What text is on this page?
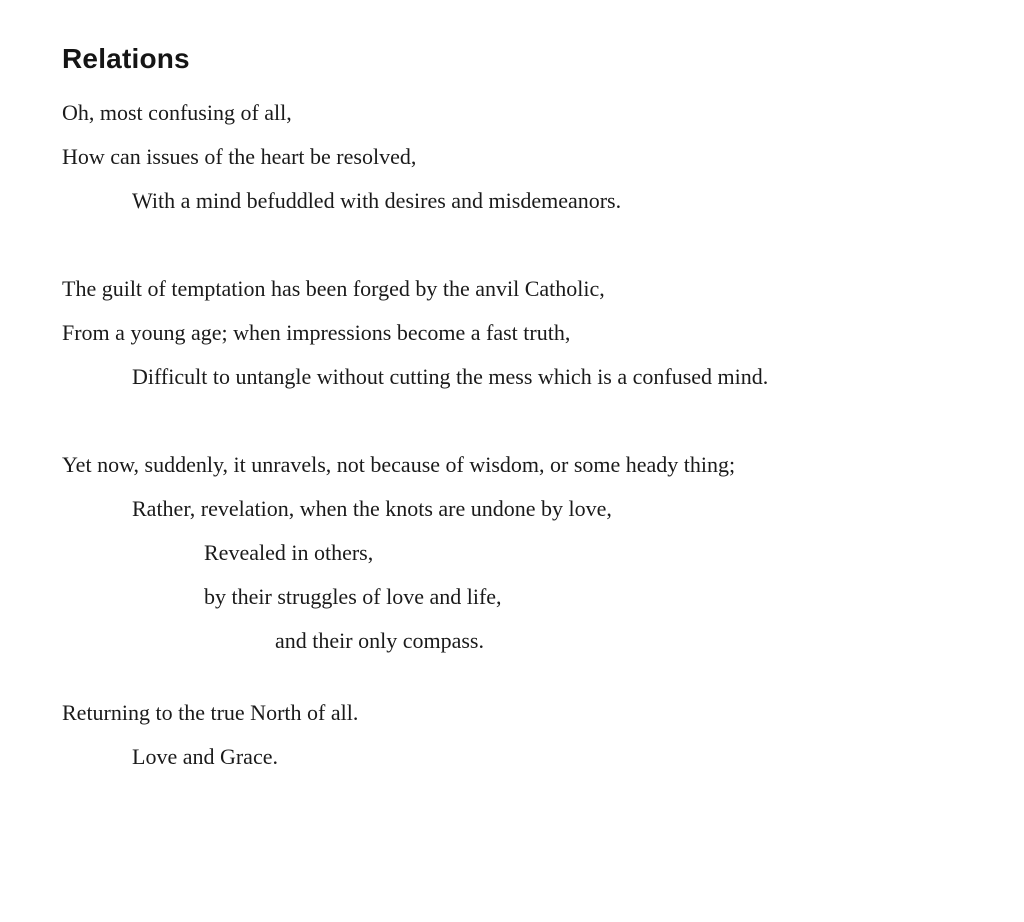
Relations
Oh, most confusing of all,
How can issues of the heart be resolved,
With a mind befuddled with desires and misdemeanors.
The guilt of temptation has been forged by the anvil Catholic,
From a young age; when impressions become a fast truth,
Difficult to untangle without cutting the mess which is a confused mind.
Yet now, suddenly, it unravels, not because of wisdom, or some heady thing;
Rather, revelation, when the knots are undone by love,
Revealed in others,
by their struggles of love and life,
and their only compass.
Returning to the true North of all.
Love and Grace.
